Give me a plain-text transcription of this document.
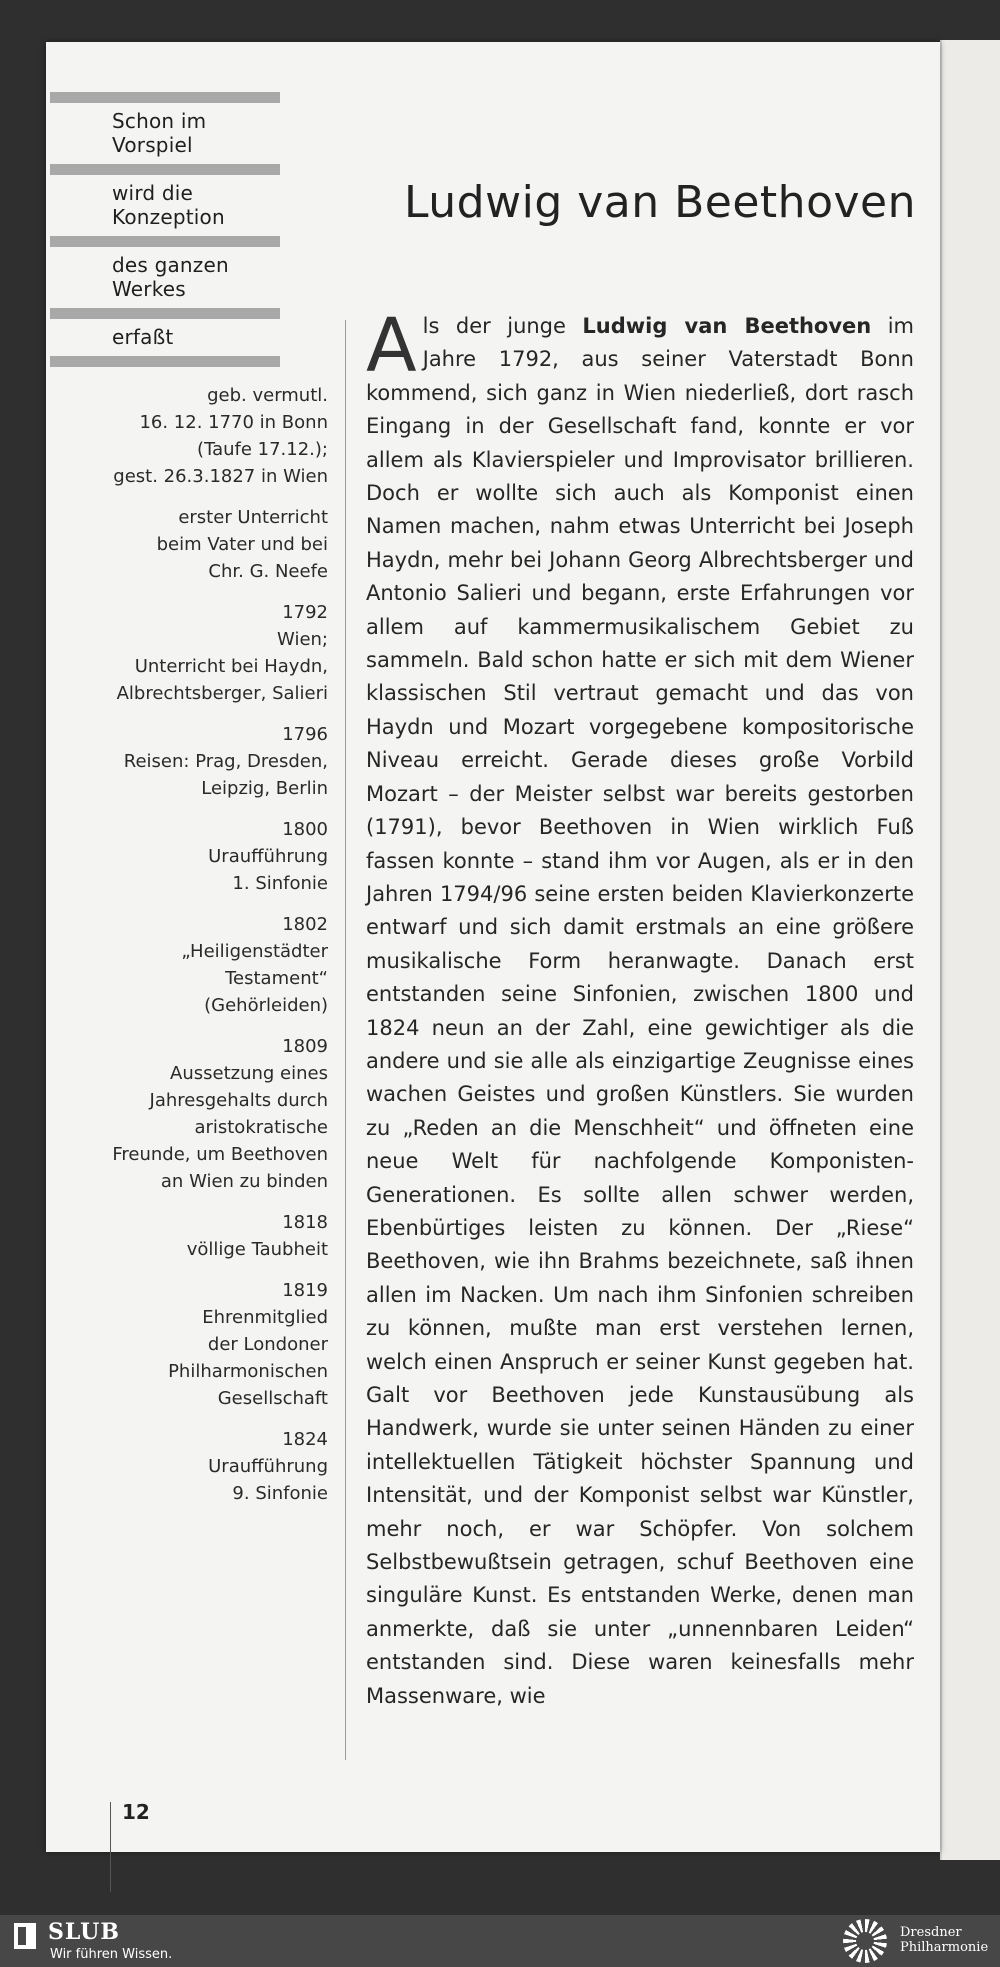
Schon im Vorspiel

wird die Konzeption

des ganzen Werkes

erfaßt

Ludwig van Beethoven
geb. vermutl.
16. 12. 1770 in Bonn
(Taufe 17.12.);
gest. 26.3.1827 in Wien
erster Unterricht
beim Vater und bei
Chr. G. Neefe
1792
Wien;
Unterricht bei Haydn,
Albrechtsberger, Salieri
1796
Reisen: Prag, Dresden,
Leipzig, Berlin
1800
Uraufführung
1. Sinfonie
1802
„Heiligenstädter
Testament“
(Gehörleiden)
1809
Aussetzung eines
Jahresgehalts durch
aristokratische
Freunde, um Beethoven
an Wien zu binden
1818
völlige Taubheit
1819
Ehrenmitglied
der Londoner
Philharmonischen
Gesellschaft
1824
Uraufführung
9. Sinfonie

Als der junge Ludwig van Beethoven im Jahre 1792, aus seiner Vaterstadt Bonn kommend, sich ganz in Wien niederließ, dort rasch Eingang in der Gesellschaft fand, konnte er vor allem als Klavierspieler und Improvisator brillieren. Doch er wollte sich auch als Komponist einen Namen machen, nahm etwas Unterricht bei Joseph Haydn, mehr bei Johann Georg Albrechtsberger und Antonio Salieri und begann, erste Erfahrungen vor allem auf kammermusikalischem Gebiet zu sammeln. Bald schon hatte er sich mit dem Wiener klassischen Stil vertraut gemacht und das von Haydn und Mozart vorgegebene kompositorische Niveau erreicht. Gerade dieses große Vorbild Mozart – der Meister selbst war bereits gestorben (1791), bevor Beethoven in Wien wirklich Fuß fassen konnte – stand ihm vor Augen, als er in den Jahren 1794/96 seine ersten beiden Klavierkonzerte entwarf und sich damit erstmals an eine größere musikalische Form heranwagte. Danach erst entstanden seine Sinfonien, zwischen 1800 und 1824 neun an der Zahl, eine gewichtiger als die andere und sie alle als einzigartige Zeugnisse eines wachen Geistes und großen Künstlers. Sie wurden zu „Reden an die Menschheit“ und öffneten eine neue Welt für nachfolgende Komponisten-Generationen. Es sollte allen schwer werden, Ebenbürtiges leisten zu können. Der „Riese“ Beethoven, wie ihn Brahms bezeichnete, saß ihnen allen im Nacken. Um nach ihm Sinfonien schreiben zu können, mußte man erst verstehen lernen, welch einen Anspruch er seiner Kunst gegeben hat. Galt vor Beethoven jede Kunstausübung als Handwerk, wurde sie unter seinen Händen zu einer intellektuellen Tätigkeit höchster Spannung und Intensität, und der Komponist selbst war Künstler, mehr noch, er war Schöpfer. Von solchem Selbstbewußtsein getragen, schuf Beethoven eine singuläre Kunst. Es entstanden Werke, denen man anmerkte, daß sie unter „unnennbaren Leiden“ entstanden sind. Diese waren keinesfalls mehr Massenware, wie

12

SLUB
Wir führen Wissen.
Dresdner
Philharmonie
